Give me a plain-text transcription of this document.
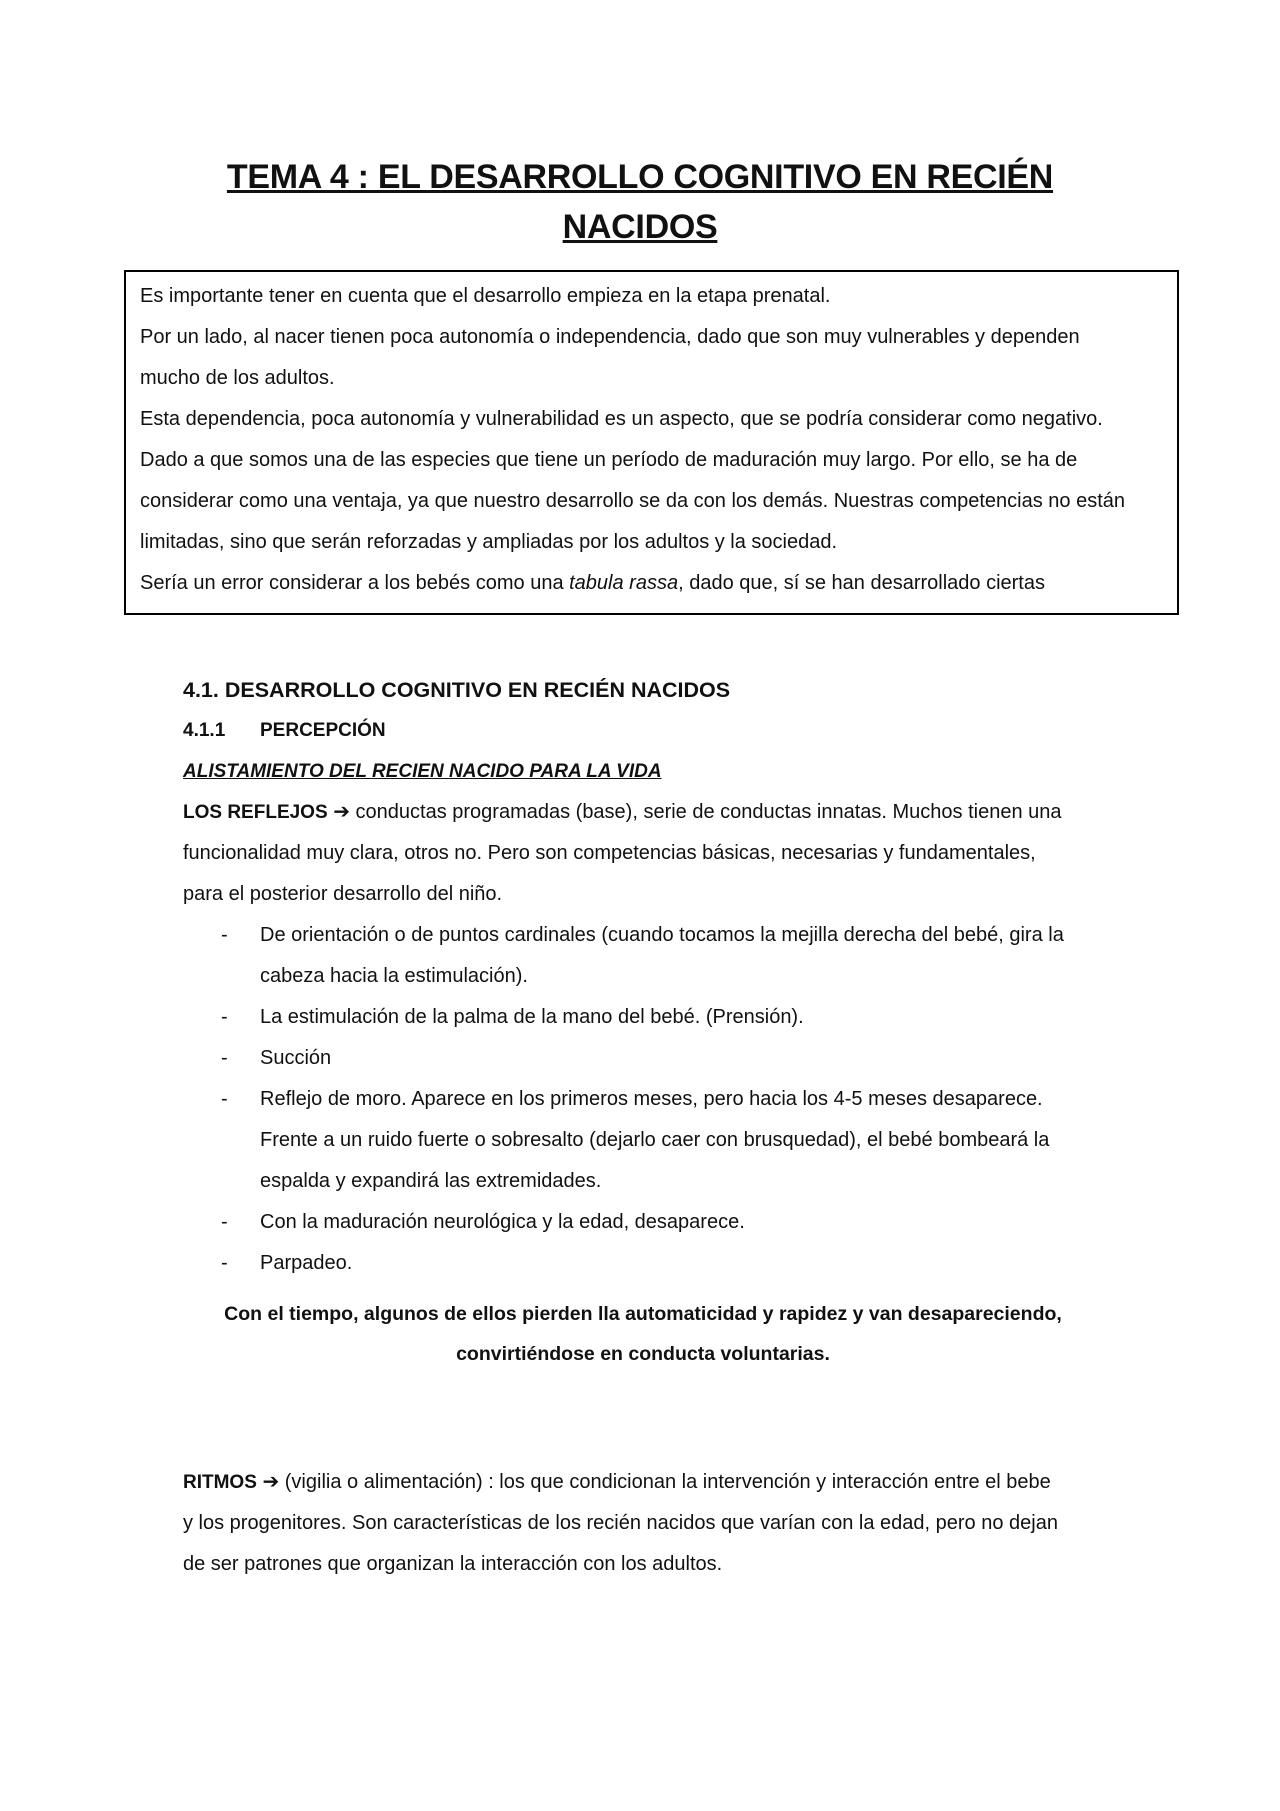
TEMA 4 : EL DESARROLLO COGNITIVO EN RECIÉN
NACIDOS

Es importante tener en cuenta que el desarrollo empieza en la etapa prenatal.

Por un lado, al nacer tienen poca autonomía o independencia, dado que son muy vulnerables y dependen

mucho de los adultos.

Esta dependencia, poca autonomía y vulnerabilidad es un aspecto, que se podría considerar como negativo.

Dado a que somos una de las especies que tiene un período de maduración muy largo. Por ello, se ha de

considerar como una ventaja, ya que nuestro desarrollo se da con los demás. Nuestras competencias no están

limitadas, sino que serán reforzadas y ampliadas por los adultos y la sociedad.

Sería un error considerar a los bebés como una tabula rassa, dado que, sí se han desarrollado ciertas

4.1. DESARROLLO COGNITIVO EN RECIÉN NACIDOS

4.1.1 PERCEPCIÓN

ALISTAMIENTO DEL RECIEN NACIDO PARA LA VIDA

LOS REFLEJOS ➔ conductas programadas (base), serie de conductas innatas. Muchos tienen una

funcionalidad muy clara, otros no. Pero son competencias básicas, necesarias y fundamentales,

para el posterior desarrollo del niño.

- De orientación o de puntos cardinales (cuando tocamos la mejilla derecha del bebé, gira la
cabeza hacia la estimulación).
- La estimulación de la palma de la mano del bebé. (Prensión).
- Succión
- Reflejo de moro. Aparece en los primeros meses, pero hacia los 4-5 meses desaparece.
Frente a un ruido fuerte o sobresalto (dejarlo caer con brusquedad), el bebé bombeará la
espalda y expandirá las extremidades.
- Con la maduración neurológica y la edad, desaparece.
- Parpadeo.
Con el tiempo, algunos de ellos pierden lla automaticidad y rapidez y van desapareciendo,
convirtiéndose en conducta voluntarias.

RITMOS ➔ (vigilia o alimentación) : los que condicionan la intervención y interacción entre el bebe

y los progenitores. Son características de los recién nacidos que varían con la edad, pero no dejan

de ser patrones que organizan la interacción con los adultos.
